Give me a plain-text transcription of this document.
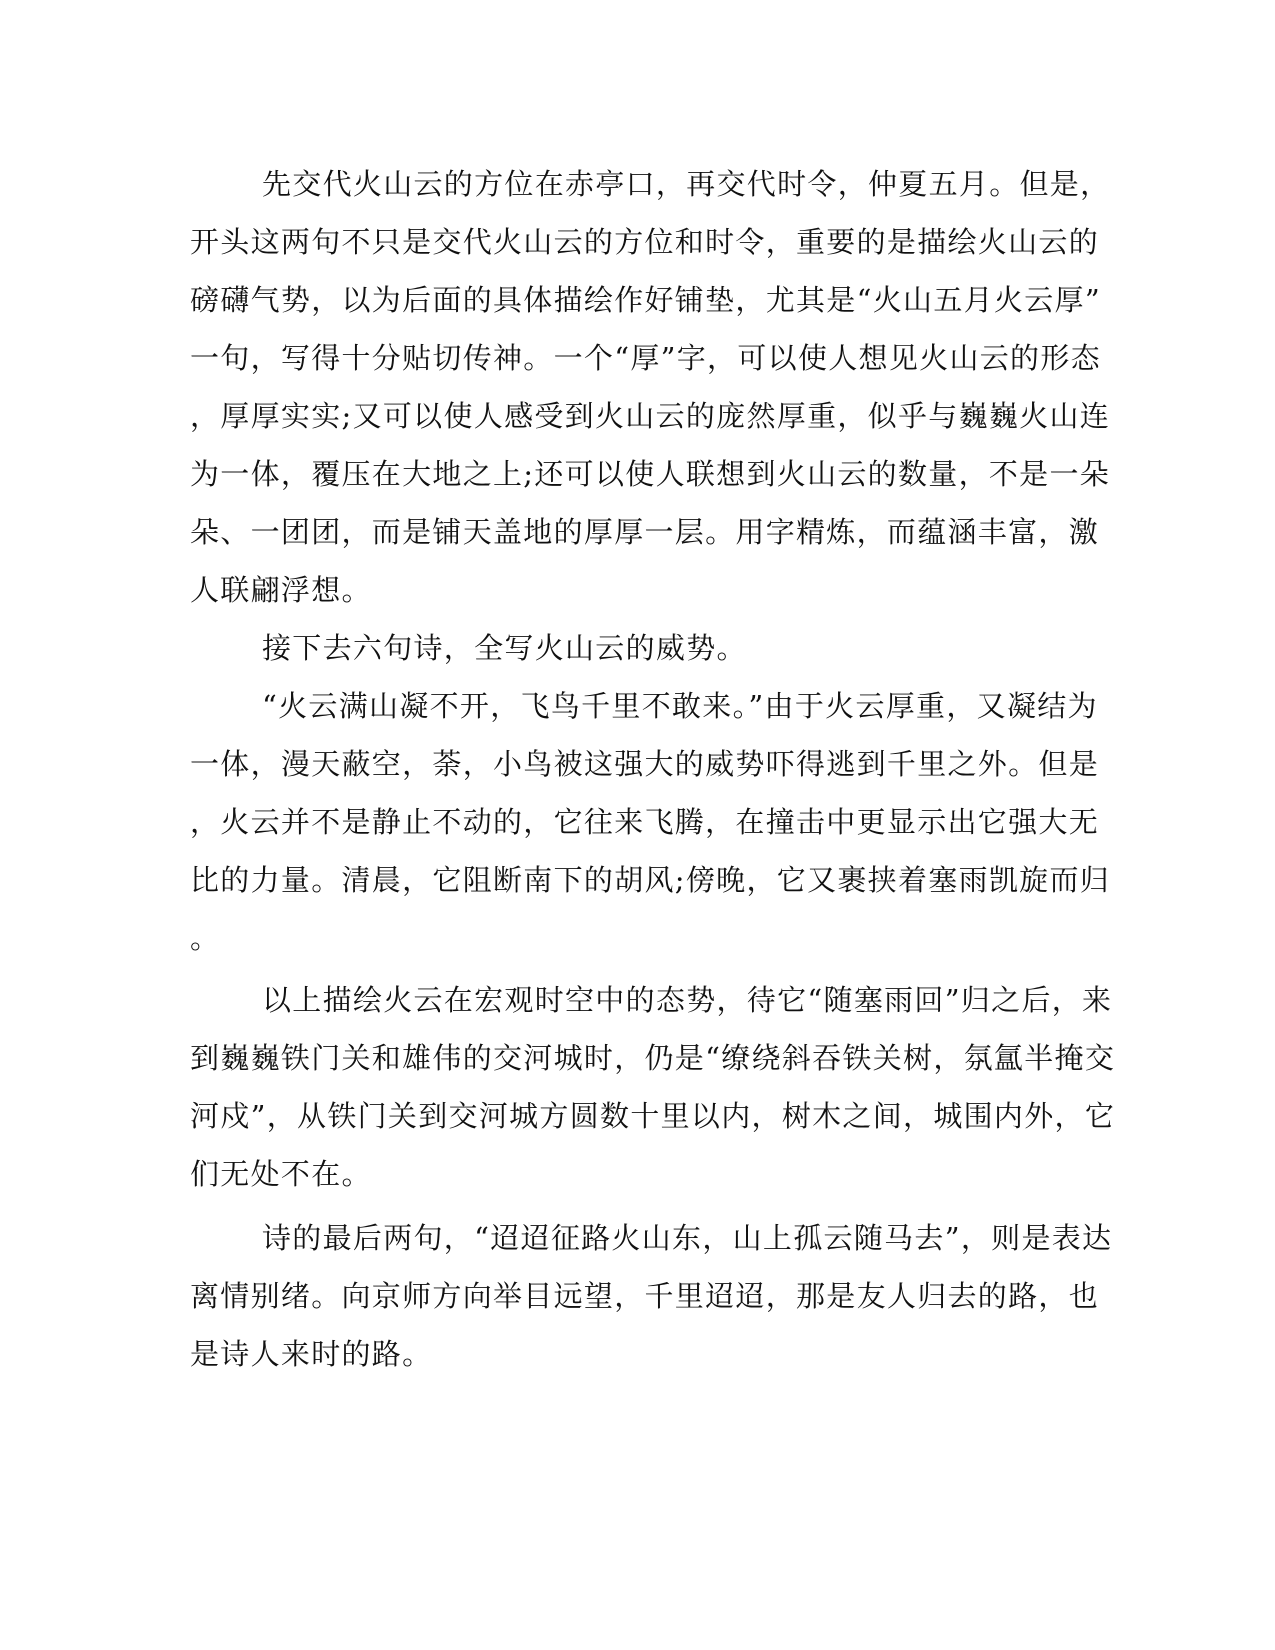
先交代火山云的方位在赤亭口，再交代时令，仲夏五月。但是，
开头这两句不只是交代火山云的方位和时令，重要的是描绘火山云的
磅礴气势，以为后面的具体描绘作好铺垫，尤其是“火山五月火云厚”
一句，写得十分贴切传神。一个“厚”字，可以使人想见火山云的形态
，厚厚实实;又可以使人感受到火山云的庞然厚重，似乎与巍巍火山连
为一体，覆压在大地之上;还可以使人联想到火山云的数量，不是一朵
朵、一团团，而是铺天盖地的厚厚一层。用字精炼，而蕴涵丰富，激
人联翩浮想。
接下去六句诗，全写火山云的威势。
“火云满山凝不开，飞鸟千里不敢来。”由于火云厚重，又凝结为
一体，漫天蔽空，荼，小鸟被这强大的威势吓得逃到千里之外。但是
，火云并不是静止不动的，它往来飞腾，在撞击中更显示出它强大无
比的力量。清晨，它阻断南下的胡风;傍晚，它又裹挟着塞雨凯旋而归
。
以上描绘火云在宏观时空中的态势，待它“随塞雨回”归之后，来
到巍巍铁门关和雄伟的交河城时，仍是“缭绕斜吞铁关树，氛氲半掩交
河戍”，从铁门关到交河城方圆数十里以内，树木之间，城围内外，它
们无处不在。
诗的最后两句，“迢迢征路火山东，山上孤云随马去”，则是表达
离情别绪。向京师方向举目远望，千里迢迢，那是友人归去的路，也
是诗人来时的路。
